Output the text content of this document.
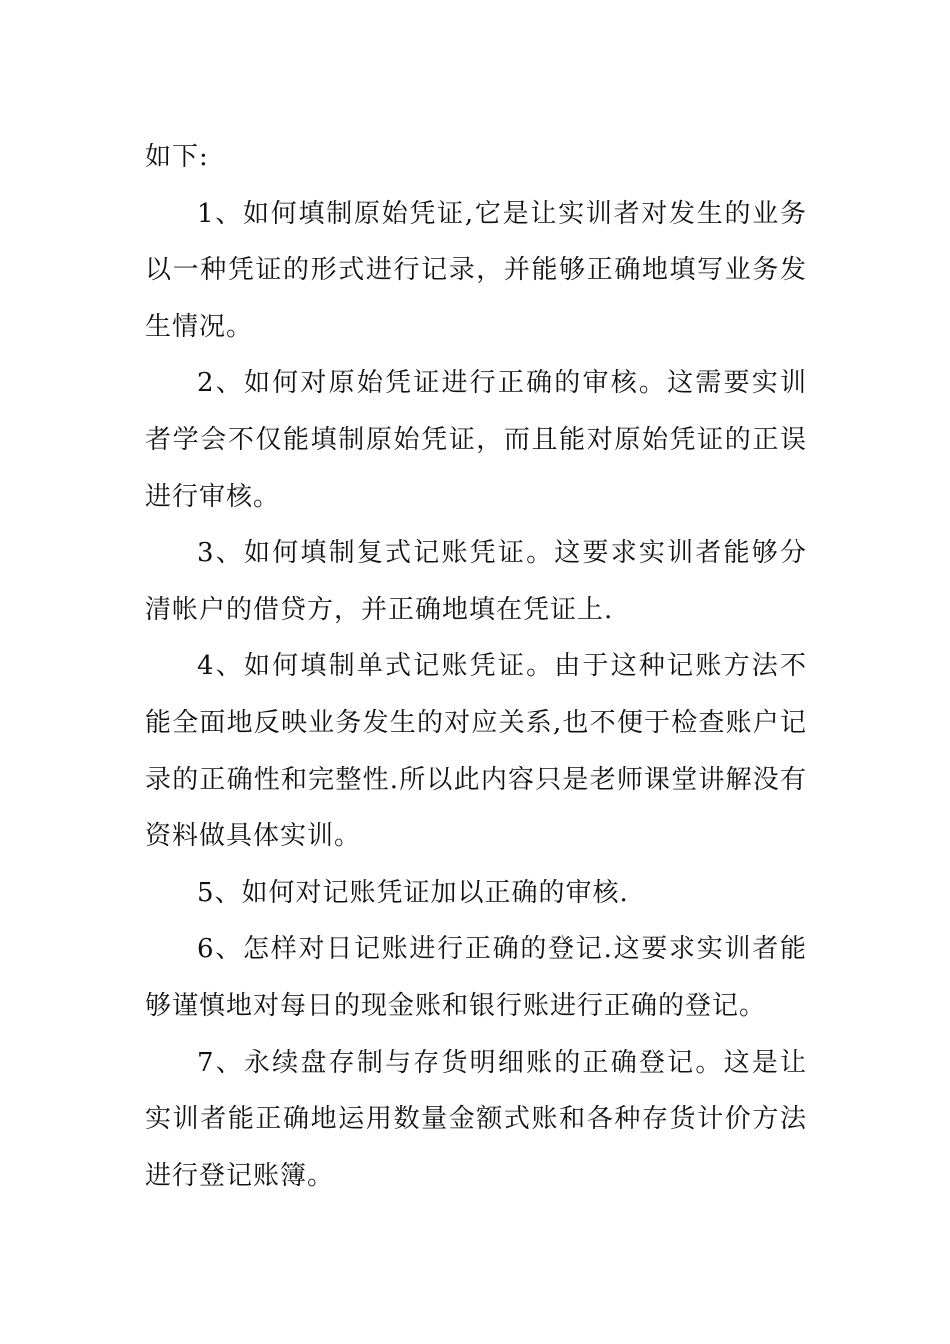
如下:

1、如何填制原始凭证,它是让实训者对发生的业务以一种凭证的形式进行记录，并能够正确地填写业务发生情况。

2、如何对原始凭证进行正确的审核。这需要实训者学会不仅能填制原始凭证，而且能对原始凭证的正误进行审核。

3、如何填制复式记账凭证。这要求实训者能够分清帐户的借贷方，并正确地填在凭证上.

4、如何填制单式记账凭证。由于这种记账方法不能全面地反映业务发生的对应关系,也不便于检查账户记录的正确性和完整性.所以此内容只是老师课堂讲解没有资料做具体实训。

5、如何对记账凭证加以正确的审核.

6、怎样对日记账进行正确的登记.这要求实训者能够谨慎地对每日的现金账和银行账进行正确的登记。

7、永续盘存制与存货明细账的正确登记。这是让实训者能正确地运用数量金额式账和各种存货计价方法进行登记账簿。
